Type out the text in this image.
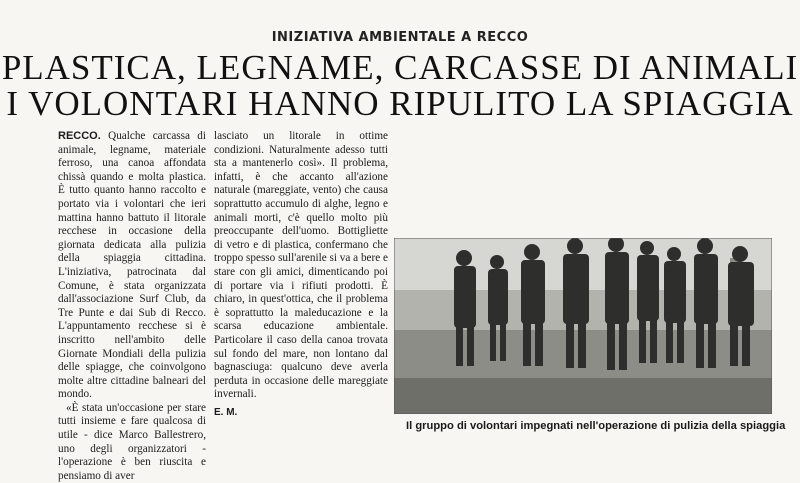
INIZIATIVA AMBIENTALE A RECCO
PLASTICA, LEGNAME, CARCASSE DI ANIMALI
I VOLONTARI HANNO RIPULITO LA SPIAGGIA

RECCO. Qualche carcassa di animale, legname, materiale ferroso, una canoa affondata chissà quando e molta plastica. È tutto quanto hanno raccolto e portato via i volontari che ieri mattina hanno battuto il litorale recchese in occasione della giornata dedicata alla pulizia della spiaggia cittadina. L'iniziativa, patrocinata dal Comune, è stata organizzata dall'associazione Surf Club, da Tre Punte e dai Sub di Recco. L'appuntamento recchese si è inscritto nell'ambito delle Giornate Mondiali della pulizia delle spiagge, che coinvolgono molte altre cittadine balneari del mondo.

«È stata un'occasione per stare tutti insieme e fare qualcosa di utile - dice Marco Ballestrero, uno degli organizzatori - l'operazione è ben riuscita e pensiamo di aver

lasciato un litorale in ottime condizioni. Naturalmente adesso tutti sta a mantenerlo così». Il problema, infatti, è che accanto all'azione naturale (mareggiate, vento) che causa soprattutto accumulo di alghe, legno e animali morti, c'è quello molto più preoccupante dell'uomo. Bottigliette di vetro e di plastica, confermano che troppo spesso sull'arenile si va a bere e stare con gli amici, dimenticando poi di portare via i rifiuti prodotti. È chiaro, in quest'ottica, che il problema è soprattutto la maleducazione e la scarsa educazione ambientale. Particolare il caso della canoa trovata sul fondo del mare, non lontano dal bagnasciuga: qualcuno deve averla perduta in occasione delle mareggiate invernali.

E. M.

Il gruppo di volontari impegnati nell'operazione di pulizia della spiaggia
